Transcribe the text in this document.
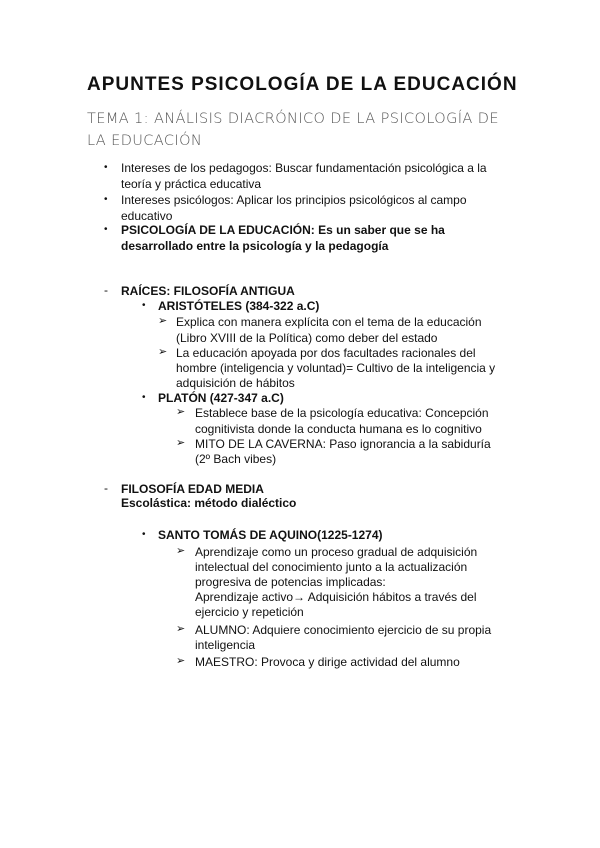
APUNTES PSICOLOGÍA DE LA EDUCACIÓN
TEMA 1: ANÁLISIS DIACRÓNICO DE LA PSICOLOGÍA DE LA EDUCACIÓN
• Intereses de los pedagogos: Buscar fundamentación psicológica a la
teoría y práctica educativa
• Intereses psicólogos: Aplicar los principios psicológicos al campo
educativo
• PSICOLOGÍA DE LA EDUCACIÓN: Es un saber que se ha
desarrollado entre la psicología y la pedagogía
- RAÍCES: FILOSOFÍA ANTIGUA
• ARISTÓTELES (384-322 a.C)
➢ Explica con manera explícita con el tema de la educación
(Libro XVIII de la Política) como deber del estado
➢ La educación apoyada por dos facultades racionales del
hombre (inteligencia y voluntad)= Cultivo de la inteligencia y
adquisición de hábitos
• PLATÓN (427-347 a.C)
➢ Establece base de la psicología educativa: Concepción
cognitivista donde la conducta humana es lo cognitivo
➢ MITO DE LA CAVERNA: Paso ignorancia a la sabiduría
(2º Bach vibes)
- FILOSOFÍA EDAD MEDIA
Escolástica: método dialéctico
• SANTO TOMÁS DE AQUINO(1225-1274)
➢ Aprendizaje como un proceso gradual de adquisición
intelectual del conocimiento junto a la actualización
progresiva de potencias implicadas:
Aprendizaje activo→ Adquisición hábitos a través del
ejercicio y repetición
➢ ALUMNO: Adquiere conocimiento ejercicio de su propia
inteligencia
➢ MAESTRO: Provoca y dirige actividad del alumno
